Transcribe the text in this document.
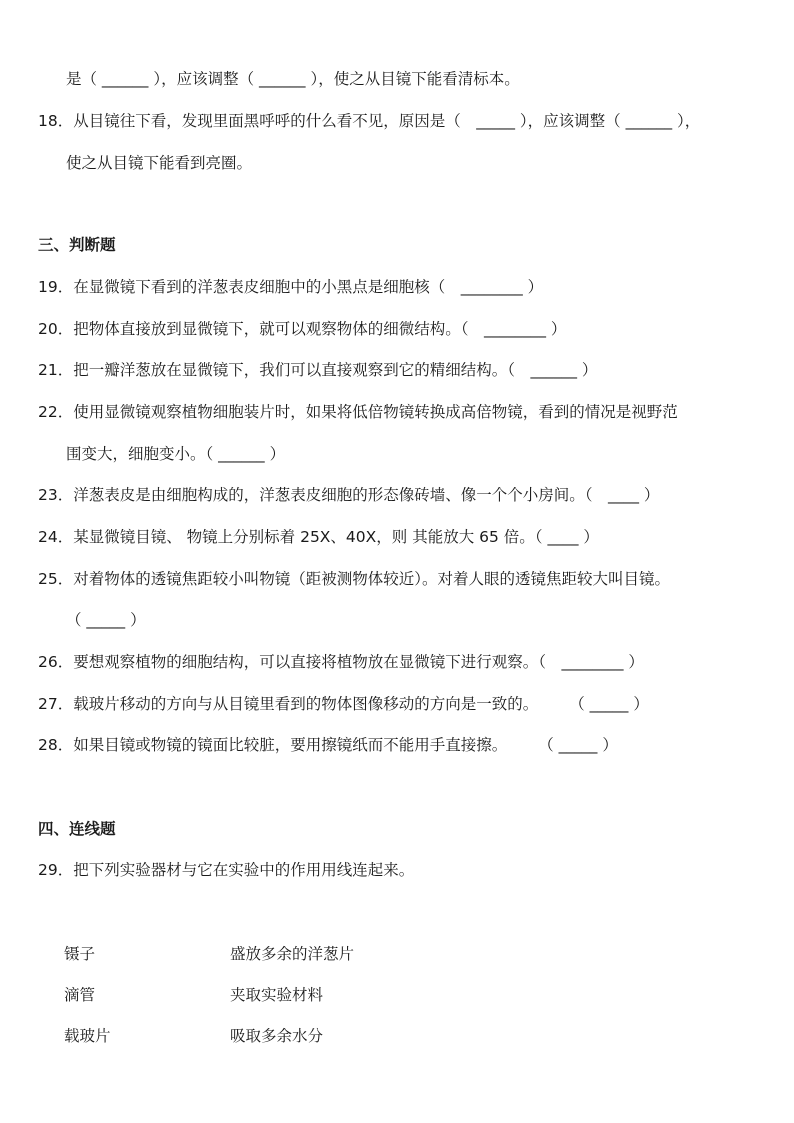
是（ ______ ），应该调整（ ______ ），使之从目镜下能看清标本。
18．从目镜往下看，发现里面黑呼呼的什么看不见，原因是（　_____ ），应该调整（ ______ ），
使之从目镜下能看到亮圈。
三、判断题
19．在显微镜下看到的洋葱表皮细胞中的小黑点是细胞核（　________ ）
20．把物体直接放到显微镜下，就可以观察物体的细微结构。（　________ ）
21．把一瓣洋葱放在显微镜下，我们可以直接观察到它的精细结构。（　______ ）
22．使用显微镜观察植物细胞装片时，如果将低倍物镜转换成高倍物镜，看到的情况是视野范
围变大，细胞变小。（ ______ ）
23．洋葱表皮是由细胞构成的，洋葱表皮细胞的形态像砖墙、像一个个小房间。（　____ ）
24．某显微镜目镜、 物镜上分别标着 25X、40X，则 其能放大 65 倍。（ ____ ）
25．对着物体的透镜焦距较小叫物镜（距被测物体较近）。对着人眼的透镜焦距较大叫目镜。
（ _____ ）
26．要想观察植物的细胞结构，可以直接将植物放在显微镜下进行观察。（　________ ）
27．载玻片移动的方向与从目镜里看到的物体图像移动的方向是一致的。　　　（ _____ ）
28．如果目镜或物镜的镜面比较脏，要用擦镜纸而不能用手直接擦。　　　（ _____ ）
四、连线题
29．把下列实验器材与它在实验中的作用用线连起来。
镊子	盛放多余的洋葱片
滴管	夹取实验材料
载玻片	吸取多余水分
